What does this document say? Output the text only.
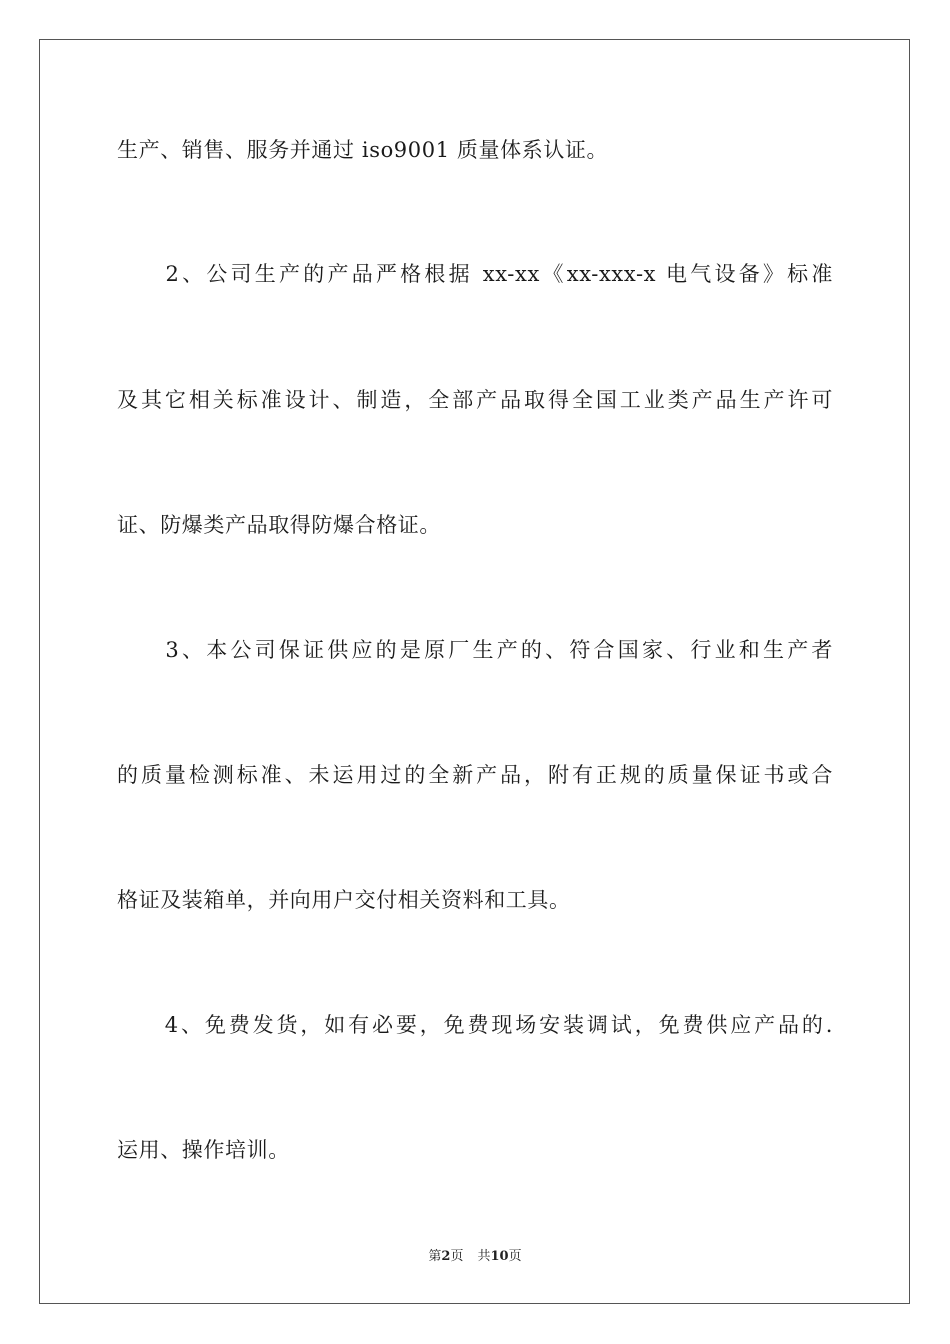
生产、销售、服务并通过 iso9001 质量体系认证。
　　2、公司生产的产品严格根据 xx-xx《xx-xxx-x 电气设备》标准
及其它相关标准设计、制造，全部产品取得全国工业类产品生产许可
证、防爆类产品取得防爆合格证。
　　3、本公司保证供应的是原厂生产的、符合国家、行业和生产者
的质量检测标准、未运用过的全新产品，附有正规的质量保证书或合
格证及装箱单，并向用户交付相关资料和工具。
　　4、免费发货，如有必要，免费现场安装调试，免费供应产品的.
运用、操作培训。
第2页 共10页
